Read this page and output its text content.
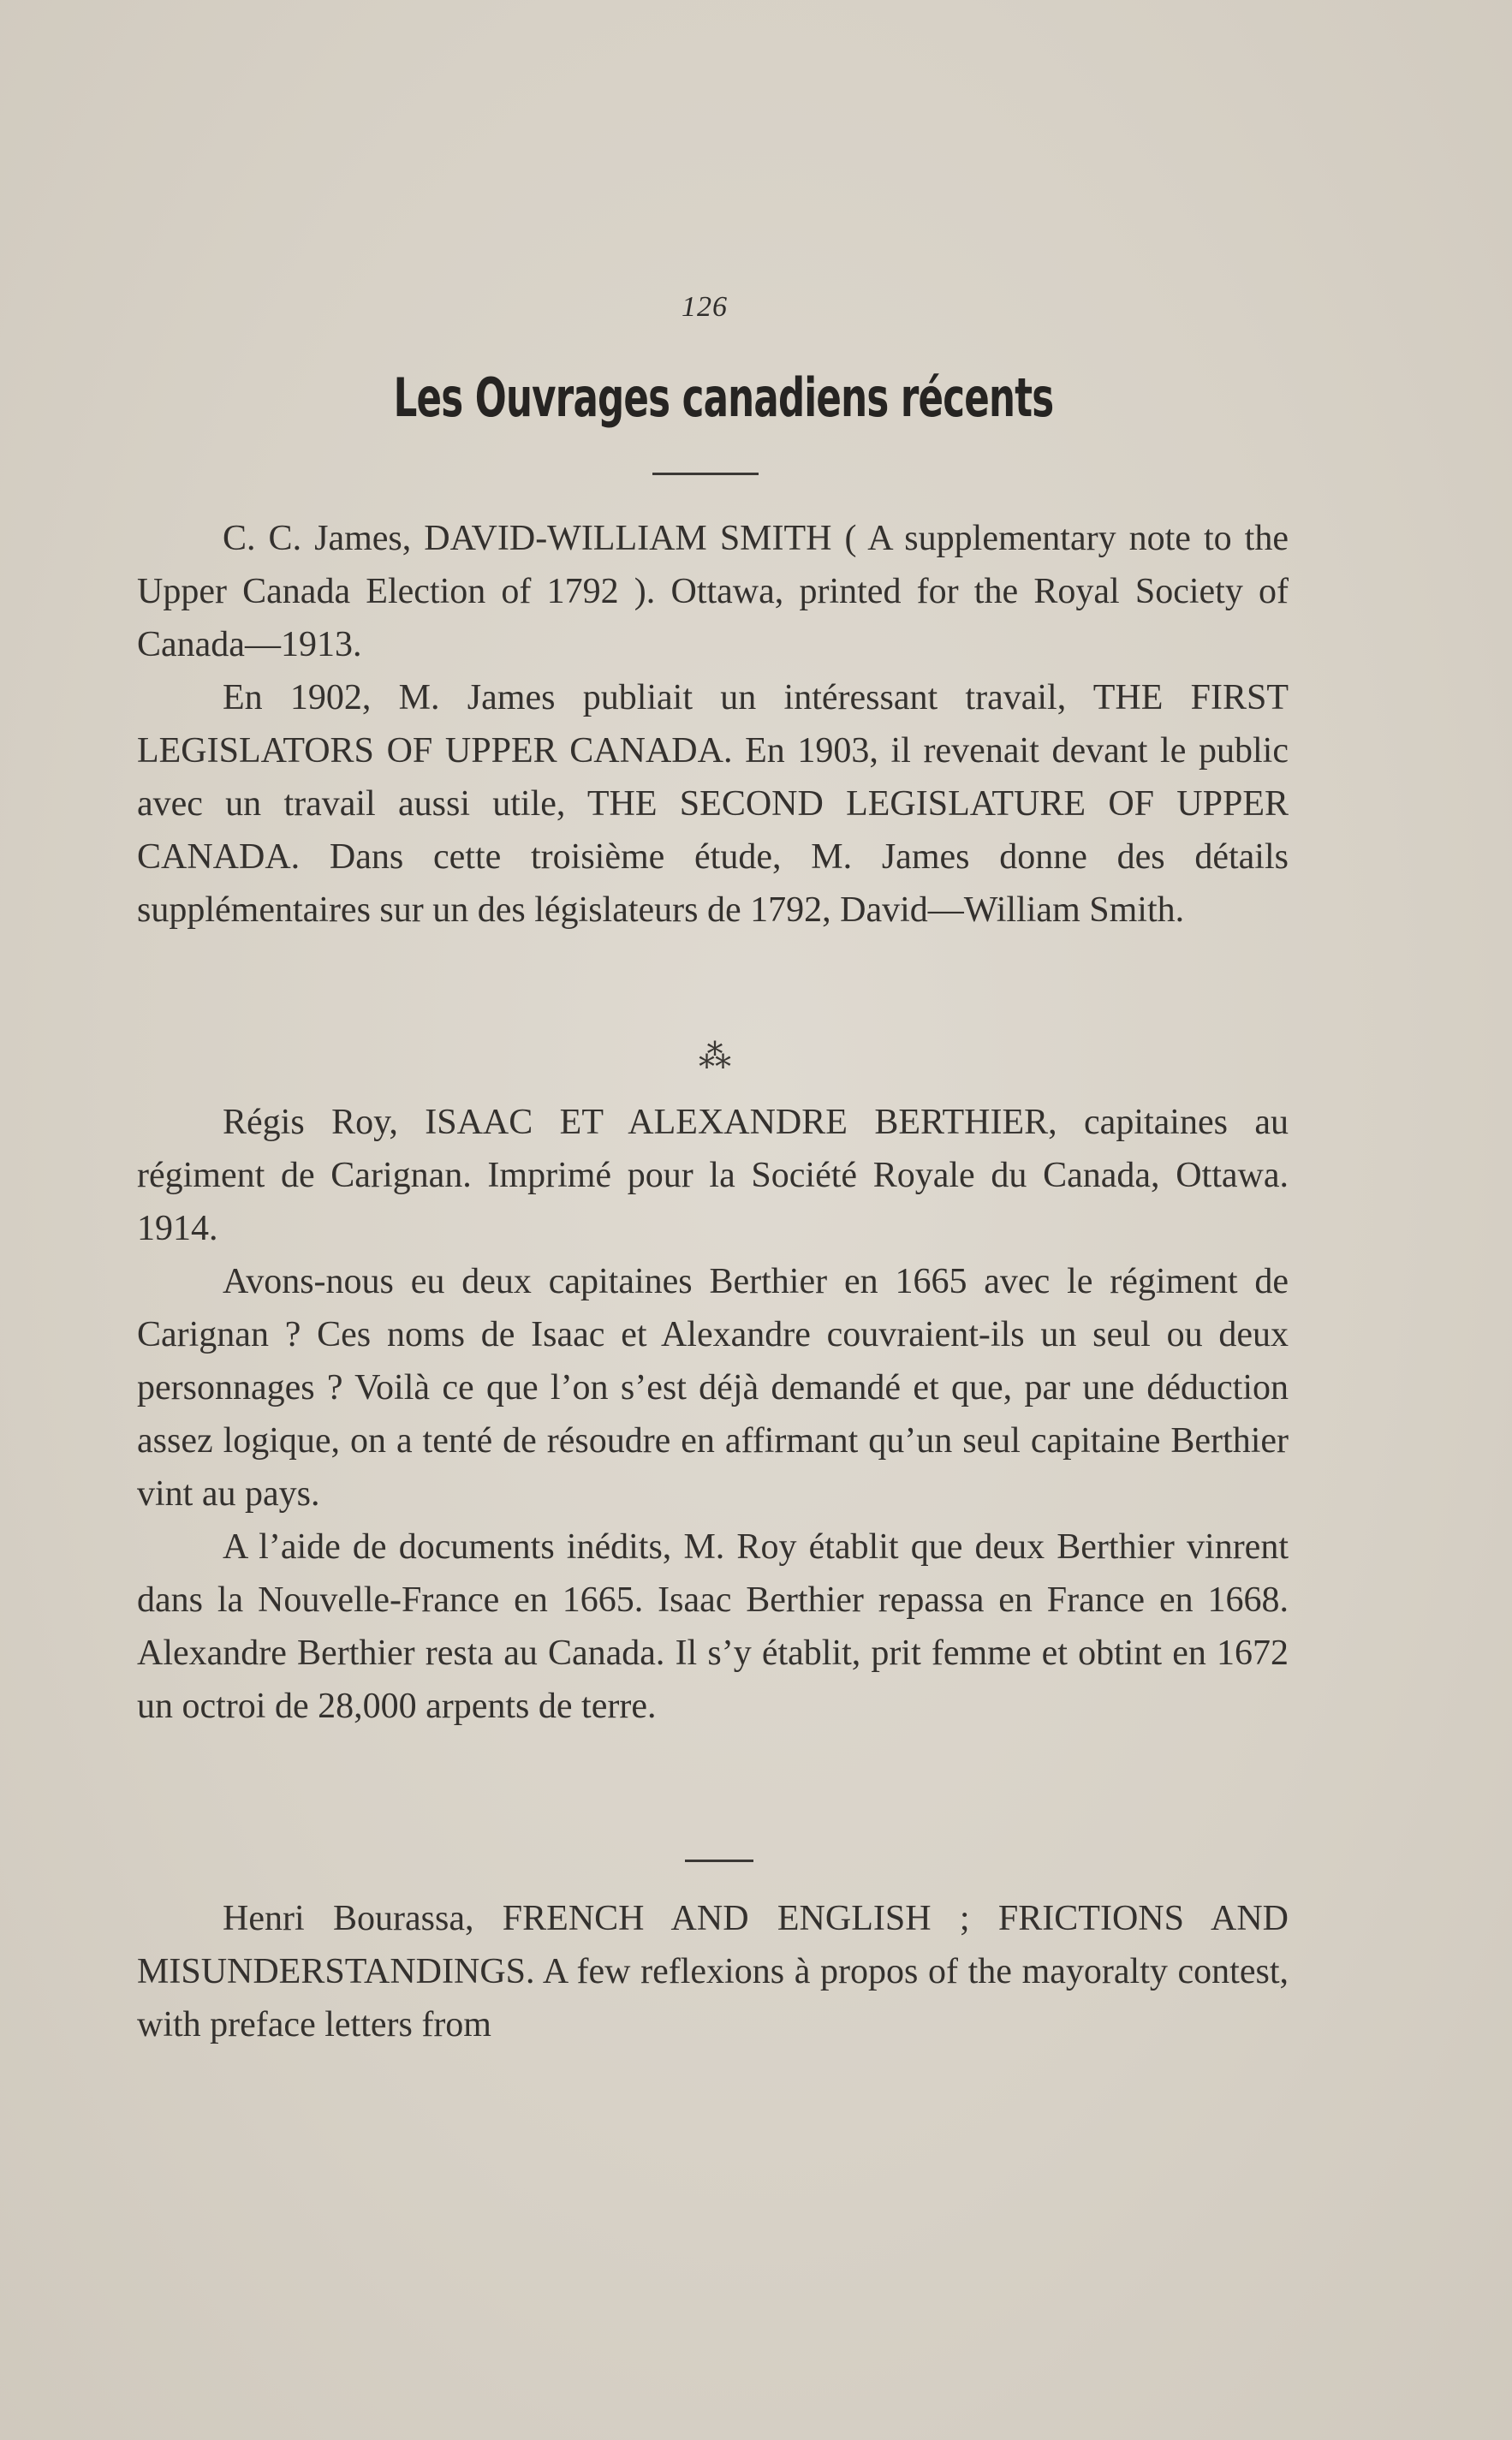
126
Les Ouvrages canadiens récents

C. C. James, DAVID-WILLIAM SMITH ( A supplementary note to the Upper Canada Election of 1792 ). Ottawa, printed for the Royal Society of Canada—1913.

En 1902, M. James publiait un intéressant travail, THE FIRST LEGISLATORS OF UPPER CANADA. En 1903, il revenait devant le public avec un travail aussi utile, THE SECOND LEGISLATURE OF UPPER CANADA. Dans cette troisième étude, M. James donne des détails supplémentaires sur un des législateurs de 1792, David—William Smith.

⁂

Régis Roy, ISAAC ET ALEXANDRE BERTHIER, capitaines au régiment de Carignan. Imprimé pour la Société Royale du Canada, Ottawa. 1914.

Avons-nous eu deux capitaines Berthier en 1665 avec le régiment de Carignan ? Ces noms de Isaac et Alexandre couvraient-ils un seul ou deux personnages ? Voilà ce que l’on s’est déjà demandé et que, par une déduction assez logique, on a tenté de résoudre en affirmant qu’un seul capitaine Berthier vint au pays.

A l’aide de documents inédits, M. Roy établit que deux Berthier vinrent dans la Nouvelle-France en 1665. Isaac Berthier repassa en France en 1668. Alexandre Berthier resta au Canada. Il s’y établit, prit femme et obtint en 1672 un octroi de 28,000 arpents de terre.

Henri Bourassa, FRENCH AND ENGLISH ; FRICTIONS AND MISUNDERSTANDINGS. A few reflexions à propos of the mayoralty contest, with preface letters from
